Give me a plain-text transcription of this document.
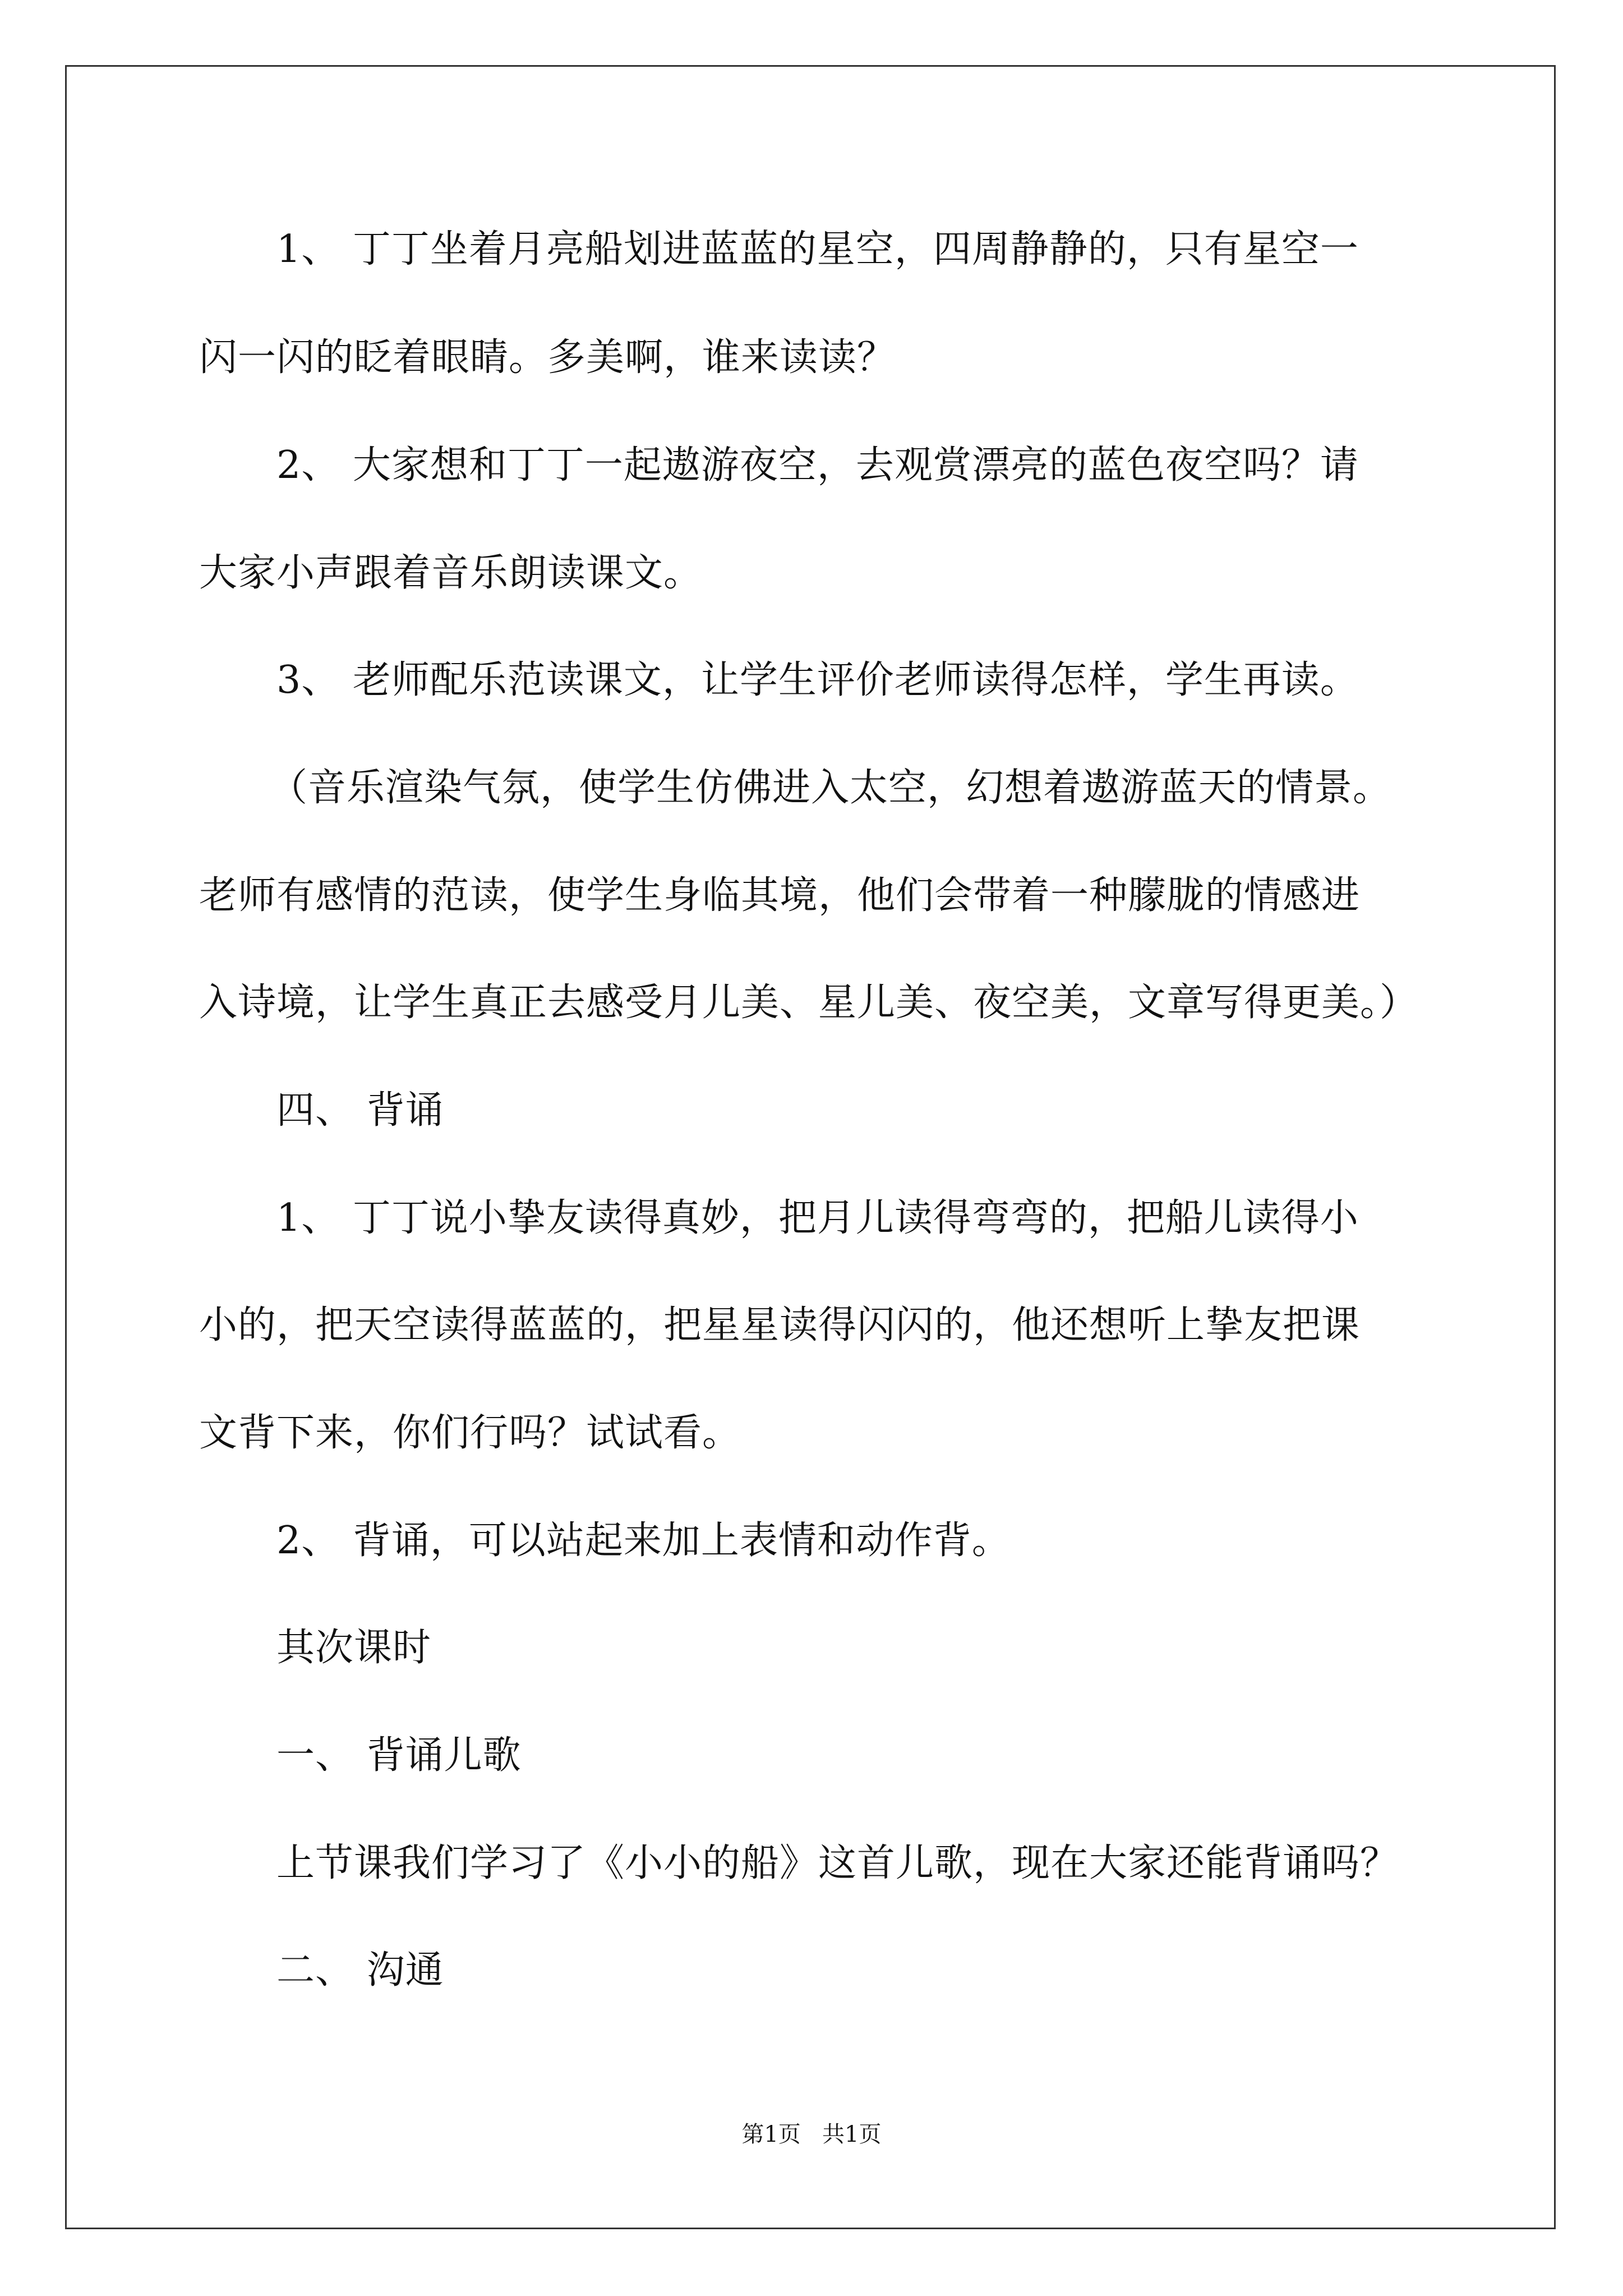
1、 丁丁坐着月亮船划进蓝蓝的星空，四周静静的，只有星空一
闪一闪的眨着眼睛。多美啊，谁来读读？
2、 大家想和丁丁一起遨游夜空，去观赏漂亮的蓝色夜空吗？请
大家小声跟着音乐朗读课文。
3、 老师配乐范读课文，让学生评价老师读得怎样，学生再读。
（音乐渲染气氛，使学生仿佛进入太空，幻想着遨游蓝天的情景。
老师有感情的范读，使学生身临其境，他们会带着一种朦胧的情感进
入诗境，让学生真正去感受月儿美、星儿美、夜空美，文章写得更美。）
四、 背诵
1、 丁丁说小挚友读得真妙，把月儿读得弯弯的，把船儿读得小
小的，把天空读得蓝蓝的，把星星读得闪闪的，他还想听上挚友把课
文背下来，你们行吗？试试看。
2、 背诵，可以站起来加上表情和动作背。
其次课时
一、 背诵儿歌
上节课我们学习了《小小的船》这首儿歌，现在大家还能背诵吗？
二、 沟通
第1页   共1页
